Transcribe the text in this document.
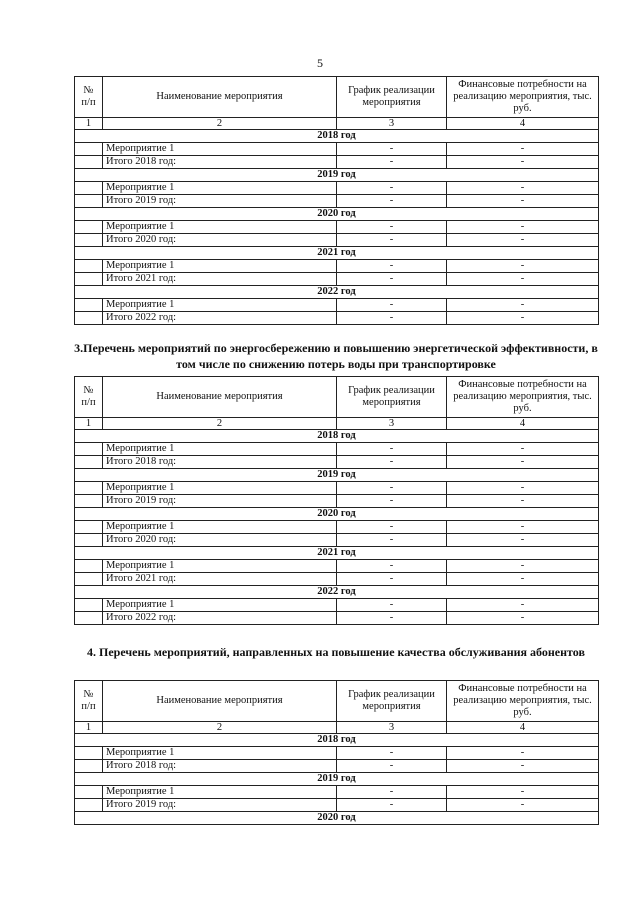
5
№ п/п	Наименование мероприятия	График реализации мероприятия	Финансовые потребности на реализацию мероприятия, тыс. руб.
1	2	3	4
2018 год			
	Мероприятие 1	-	-
	Итого 2018 год:	-	-
2019 год			
	Мероприятие 1	-	-
	Итого 2019 год:	-	-
2020 год			
	Мероприятие 1	-	-
	Итого 2020 год:	-	-
2021 год			
	Мероприятие 1	-	-
	Итого 2021 год:	-	-
2022 год			
	Мероприятие 1	-	-
	Итого 2022 год:	-	-
3.Перечень мероприятий по энергосбережению и повышению энергетической эффективности, в том числе по снижению потерь воды при транспортировке
№ п/п	Наименование мероприятия	График реализации мероприятия	Финансовые потребности на реализацию мероприятия, тыс. руб.
1	2	3	4
2018 год			
	Мероприятие 1	-	-
	Итого 2018 год:	-	-
2019 год			
	Мероприятие 1	-	-
	Итого 2019 год:	-	-
2020 год			
	Мероприятие 1	-	-
	Итого 2020 год:	-	-
2021 год			
	Мероприятие 1	-	-
	Итого 2021 год:	-	-
2022 год			
	Мероприятие 1	-	-
	Итого 2022 год:	-	-
4. Перечень мероприятий, направленных на повышение качества обслуживания абонентов
№ п/п	Наименование мероприятия	График реализации мероприятия	Финансовые потребности на реализацию мероприятия, тыс. руб.
1	2	3	4
2018 год			
	Мероприятие 1	-	-
	Итого 2018 год:	-	-
2019 год			
	Мероприятие 1	-	-
	Итого 2019 год:	-	-
2020 год			
